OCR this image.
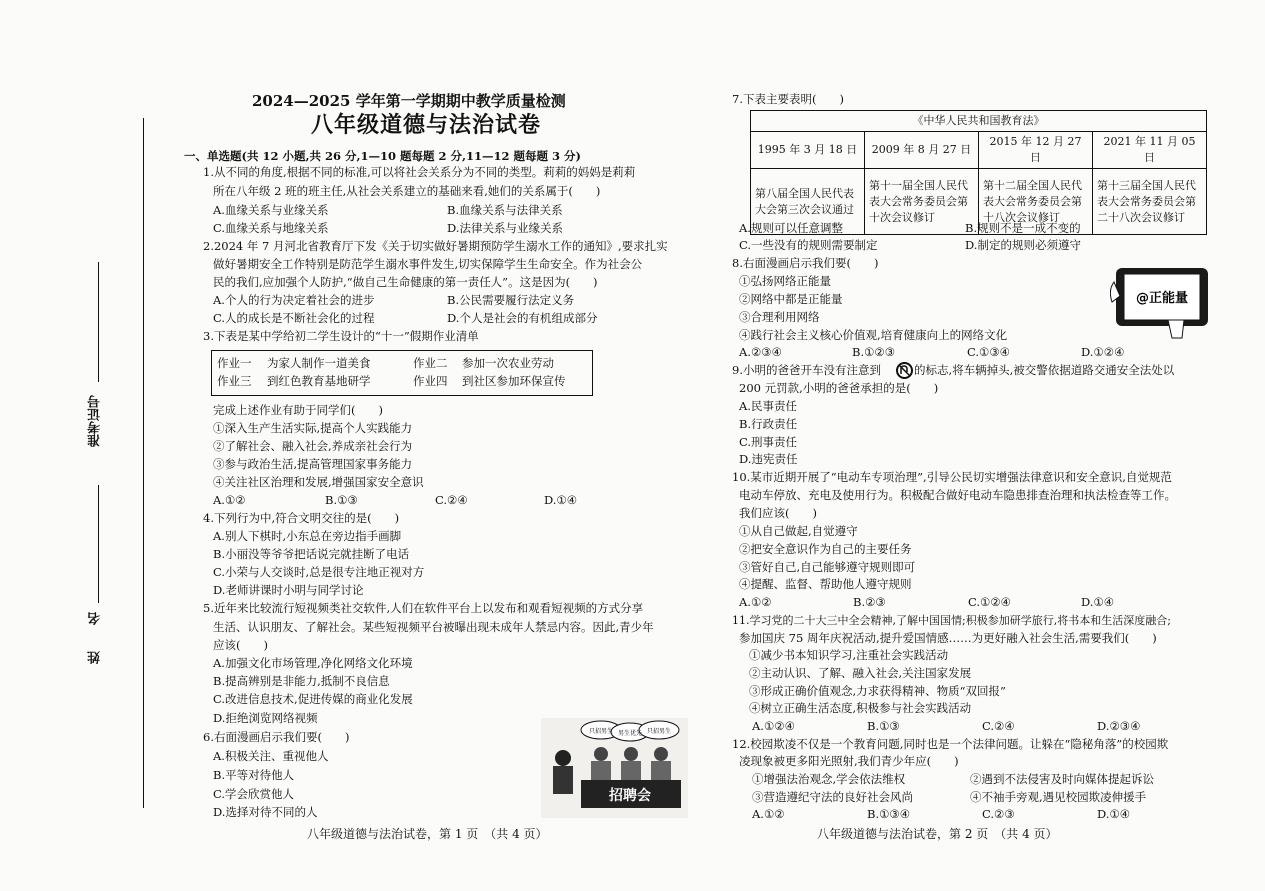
准考证号
姓　　名
2024—2025 学年第一学期期中教学质量检测
八年级道德与法治试卷
一、单选题(共 12 小题,共 26 分,1—10 题每题 2 分,11—12 题每题 3 分)
1.从不同的角度,根据不同的标准,可以将社会关系分为不同的类型。莉莉的妈妈是莉莉
所在八年级 2 班的班主任,从社会关系建立的基础来看,她们的关系属于(　　)
A.血缘关系与业缘关系	B.血缘关系与法律关系
C.血缘关系与地缘关系	D.法律关系与业缘关系
2.2024 年 7 月河北省教育厅下发《关于切实做好暑期预防学生溺水工作的通知》,要求扎实
做好暑期安全工作特别是防范学生溺水事件发生,切实保障学生生命安全。作为社会公
民的我们,应加强个人防护,“做自己生命健康的第一责任人”。这是因为(　　)
A.个人的行为决定着社会的进步	B.公民需要履行法定义务
C.人的成长是不断社会化的过程	D.个人是社会的有机组成部分
3.下表是某中学给初二学生设计的“十一”假期作业清单
作业一 为家人制作一道美食	作业二 参加一次农业劳动
作业三 到红色教育基地研学	作业四 到社区参加环保宣传
完成上述作业有助于同学们(　　)
①深入生产生活实际,提高个人实践能力
②了解社会、融入社会,养成亲社会行为
③参与政治生活,提高管理国家事务能力
④关注社区治理和发展,增强国家安全意识
A.①②	B.①③	C.②④	D.①④
4.下列行为中,符合文明交往的是(　　)
A.别人下棋时,小东总在旁边指手画脚
B.小丽没等爷爷把话说完就挂断了电话
C.小荣与人交谈时,总是很专注地正视对方
D.老师讲课时小明与同学讨论
5.近年来比较流行短视频类社交软件,人们在软件平台上以发布和观看短视频的方式分享
生活、认识朋友、了解社会。某些短视频平台被曝出现未成年人禁忌内容。因此,青少年
应该(　　)
A.加强文化市场管理,净化网络文化环境
B.提高辨别是非能力,抵制不良信息
C.改进信息技术,促进传媒的商业化发展
D.拒绝浏览网络视频
6.右面漫画启示我们要(　　)
A.积极关注、重视他人
B.平等对待他人
C.学会欣赏他人
D.选择对待不同的人
只招男生 男生优先 只招男生
招聘会
八年级道德与法治试卷，第 1 页　（共 4 页）
7.下表主要表明(　　)
《中华人民共和国教育法》			
1995 年 3 月 18 日	2009 年 8 月 27 日	2015 年 12 月 27 日	2021 年 11 月 05 日
第八届全国人民代表大会第三次会议通过	第十一届全国人民代表大会常务委员会第十次会议修订	第十二届全国人民代表大会常务委员会第十八次会议修订	第十三届全国人民代表大会常务委员会第二十八次会议修订
A.规则可以任意调整	B.规则不是一成不变的
C.一些没有的规则需要制定	D.制定的规则必须遵守
8.右面漫画启示我们要(　　)
①弘扬网络正能量
②网络中都是正能量
③合理利用网络
④践行社会主义核心价值观,培育健康向上的网络文化
A.②③④	B.①②③	C.①③④	D.①②④
@正能量
9.小明的爸爸开车没有注意到	的标志,将车辆掉头,被交警依据道路交通安全法处以
200 元罚款,小明的爸爸承担的是(　　)
A.民事责任
B.行政责任
C.刑事责任
D.违宪责任
10.某市近期开展了“电动车专项治理”,引导公民切实增强法律意识和安全意识,自觉规范
电动车停放、充电及使用行为。积极配合做好电动车隐患排查治理和执法检查等工作。
我们应该(　　)
①从自己做起,自觉遵守
②把安全意识作为自己的主要任务
③管好自己,自己能够遵守规则即可
④提醒、监督、帮助他人遵守规则
A.①②	B.②③	C.①②④	D.①④
11.学习党的二十大三中全会精神,了解中国国情;积极参加研学旅行,将书本和生活深度融合;
参加国庆 75 周年庆祝活动,提升爱国情感……为更好融入社会生活,需要我们(　　)
①减少书本知识学习,注重社会实践活动
②主动认识、了解、融入社会,关注国家发展
③形成正确价值观念,力求获得精神、物质“双回报”
④树立正确生活态度,积极参与社会实践活动
A.①②④	B.①③	C.②④	D.②③④
12.校园欺凌不仅是一个教育问题,同时也是一个法律问题。让躲在“隐秘角落”的校园欺
凌现象被更多阳光照射,我们青少年应(　　)
①增强法治观念,学会依法维权	②遇到不法侵害及时向媒体提起诉讼
③营造遵纪守法的良好社会风尚	④不袖手旁观,遇见校园欺凌伸援手
A.①②	B.①③④	C.②③	D.①④
八年级道德与法治试卷，第 2 页　（共 4 页）
